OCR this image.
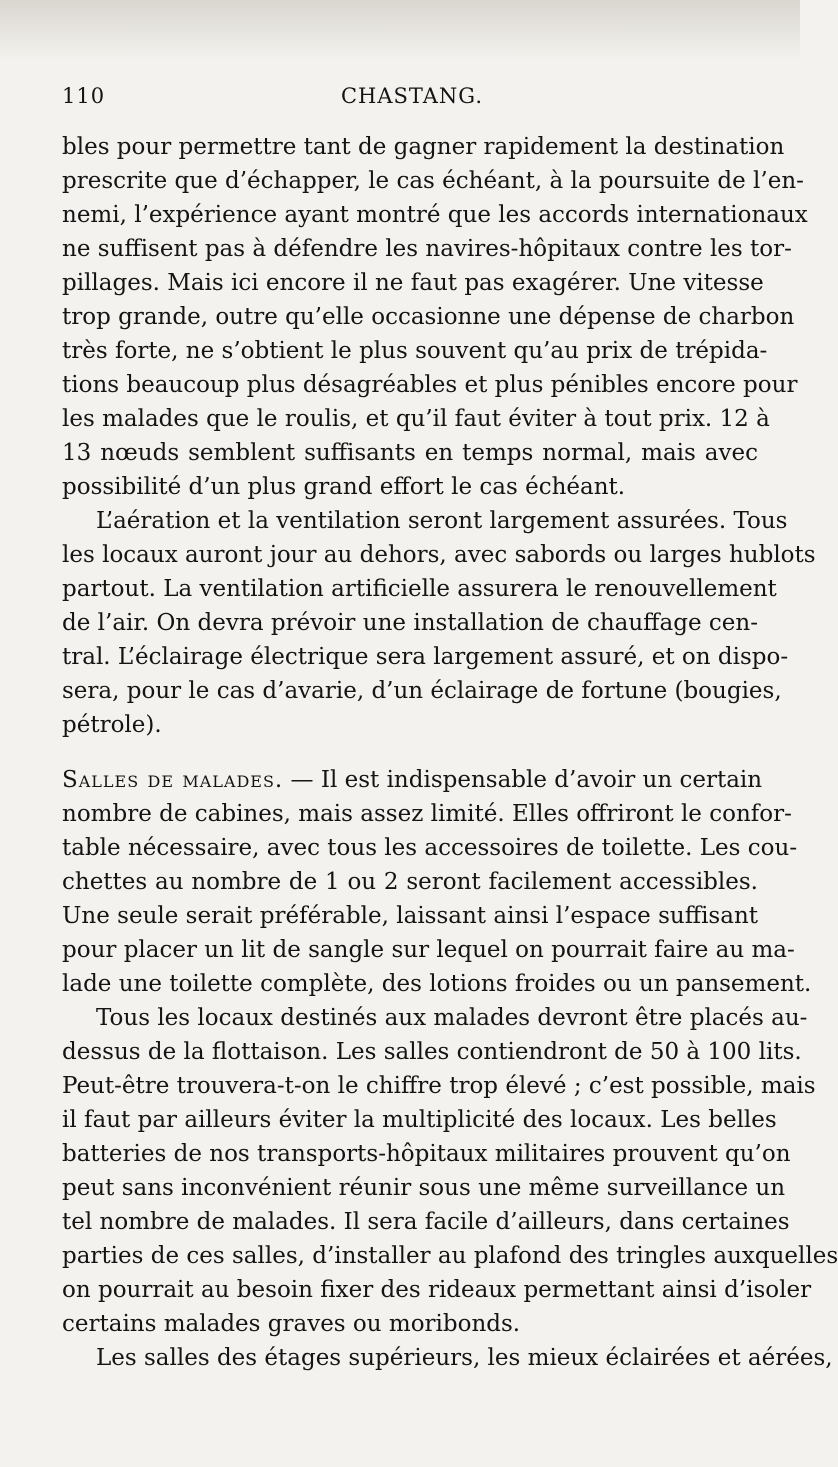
110	CHASTANG.
bles pour permettre tant de gagner rapidement la destination
prescrite que d’échapper, le cas échéant, à la poursuite de l’en-
nemi, l’expérience ayant montré que les accords internationaux
ne suffisent pas à défendre les navires-hôpitaux contre les tor-
pillages. Mais ici encore il ne faut pas exagérer. Une vitesse
trop grande, outre qu’elle occasionne une dépense de charbon
très forte, ne s’obtient le plus souvent qu’au prix de trépida-
tions beaucoup plus désagréables et plus pénibles encore pour
les malades que le roulis, et qu’il faut éviter à tout prix. 12 à
13 nœuds semblent suffisants en temps normal, mais avec
possibilité d’un plus grand effort le cas échéant.
L’aération et la ventilation seront largement assurées. Tous
les locaux auront jour au dehors, avec sabords ou larges hublots
partout. La ventilation artificielle assurera le renouvellement
de l’air. On devra prévoir une installation de chauffage cen-
tral. L’éclairage électrique sera largement assuré, et on dispo-
sera, pour le cas d’avarie, d’un éclairage de fortune (bougies,
pétrole).
Salles de malades. — Il est indispensable d’avoir un certain
nombre de cabines, mais assez limité. Elles offriront le confor-
table nécessaire, avec tous les accessoires de toilette. Les cou-
chettes au nombre de 1 ou 2 seront facilement accessibles.
Une seule serait préférable, laissant ainsi l’espace suffisant
pour placer un lit de sangle sur lequel on pourrait faire au ma-
lade une toilette complète, des lotions froides ou un pansement.
Tous les locaux destinés aux malades devront être placés au-
dessus de la flottaison. Les salles contiendront de 50 à 100 lits.
Peut-être trouvera-t-on le chiffre trop élevé ; c’est possible, mais
il faut par ailleurs éviter la multiplicité des locaux. Les belles
batteries de nos transports-hôpitaux militaires prouvent qu’on
peut sans inconvénient réunir sous une même surveillance un
tel nombre de malades. Il sera facile d’ailleurs, dans certaines
parties de ces salles, d’installer au plafond des tringles auxquelles
on pourrait au besoin fixer des rideaux permettant ainsi d’isoler
certains malades graves ou moribonds.
Les salles des étages supérieurs, les mieux éclairées et aérées,
